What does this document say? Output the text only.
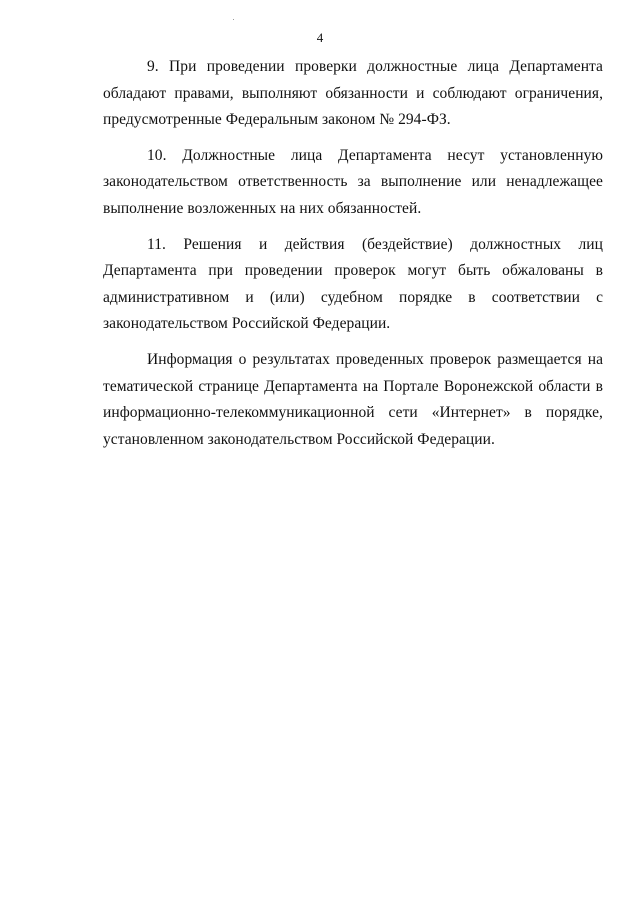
4

9. При проведении проверки должностные лица Департамента обладают правами, выполняют обязанности и соблюдают ограничения, предусмотренные Федеральным законом № 294-ФЗ.

10. Должностные лица Департамента несут установленную законодательством ответственность за выполнение или ненадлежащее выполнение возложенных на них обязанностей.

11. Решения и действия (бездействие) должностных лиц Департамента при проведении проверок могут быть обжалованы в административном и (или) судебном порядке в соответствии с законодательством Российской Федерации.

Информация о результатах проведенных проверок размещается на тематической странице Департамента на Портале Воронежской области в информационно-телекоммуникационной сети «Интернет» в порядке, установленном законодательством Российской Федерации.
